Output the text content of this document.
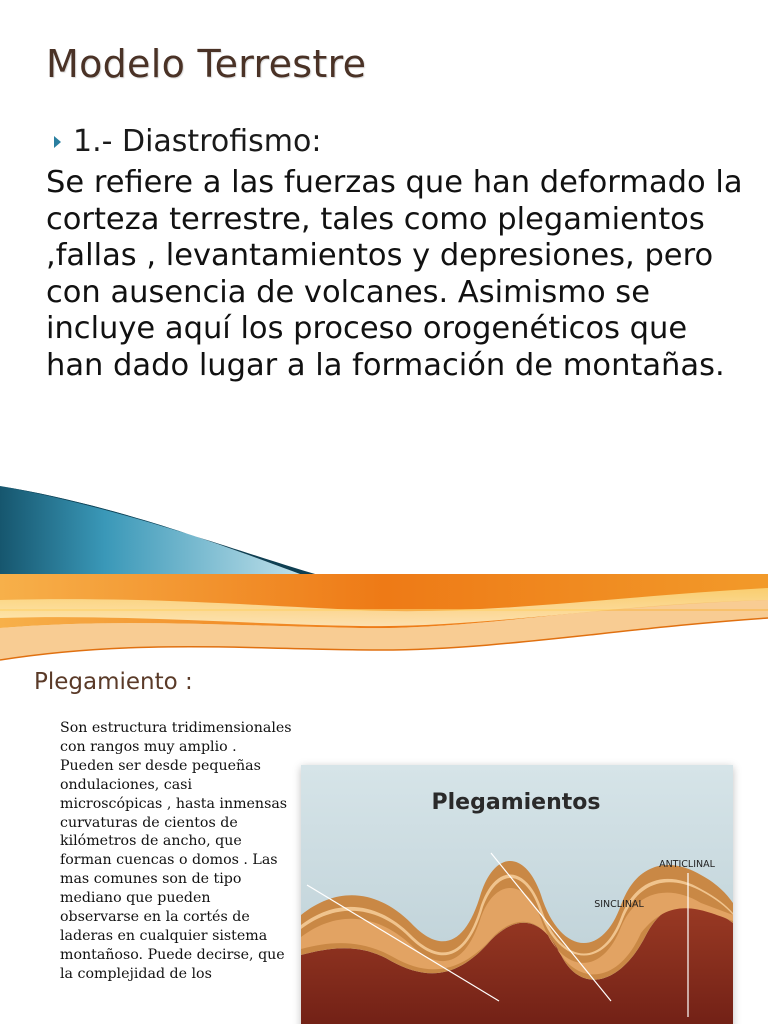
Modelo Terrestre
1.- Diastrofismo:

Se refiere a las fuerzas que han deformado la corteza terrestre, tales como plegamientos ,fallas , levantamientos y depresiones, pero con ausencia de volcanes. Asimismo se incluye aquí los proceso orogenéticos que han dado lugar a la formación de montañas.

Plegamiento :

Son estructura tridimensionales con rangos muy amplio . Pueden ser desde pequeñas ondulaciones, casi microscópicas , hasta inmensas curvaturas de cientos de kilómetros de ancho, que forman cuencas o domos . Las mas comunes son de tipo mediano que pueden observarse en la cortés de laderas en cualquier sistema montañoso. Puede decirse, que la complejidad de los

Plegamientos
ANTICLINAL
SINCLINAL
